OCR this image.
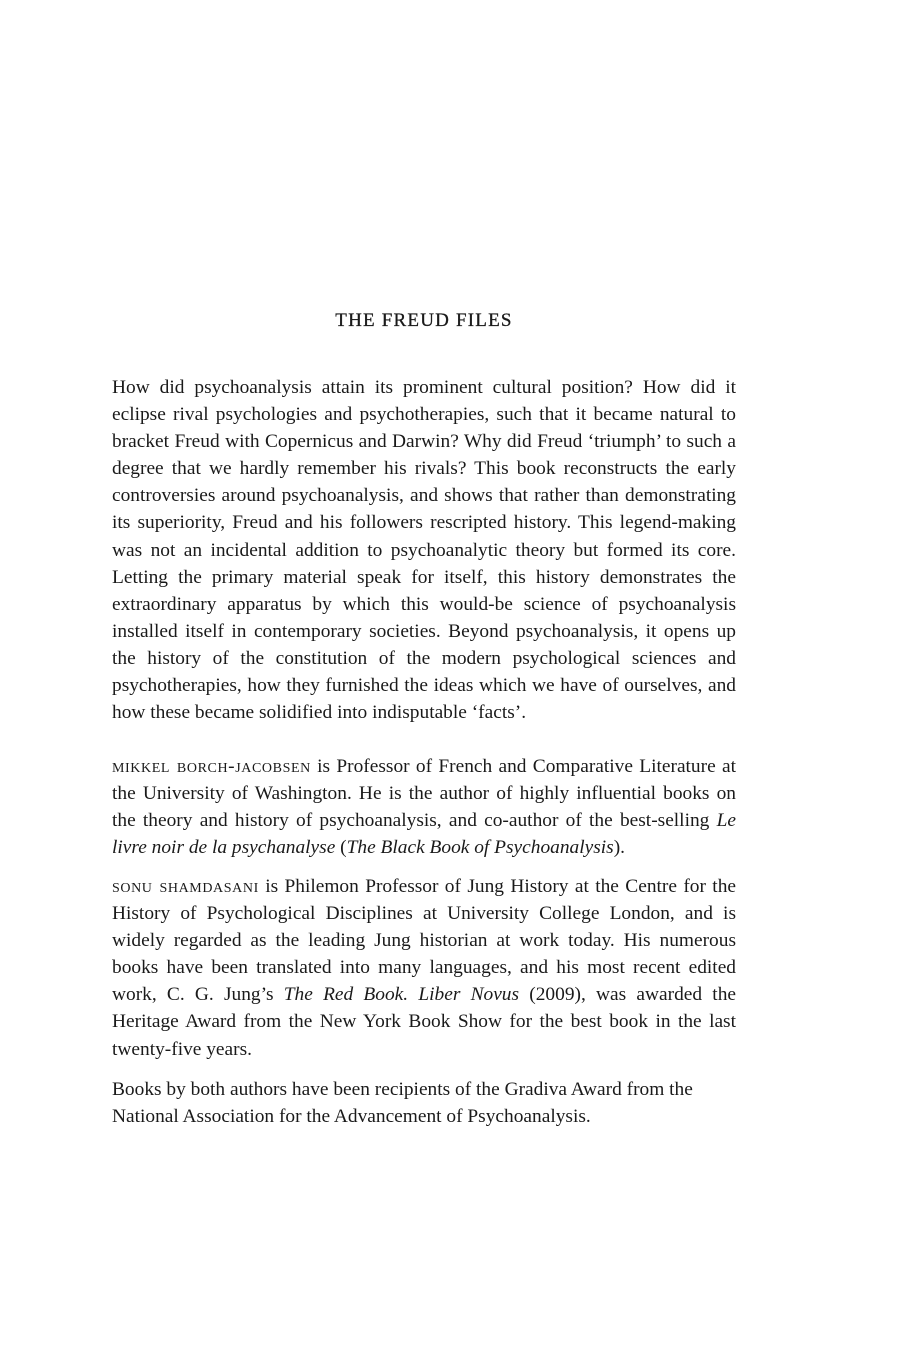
THE FREUD FILES

How did psychoanalysis attain its prominent cultural position? How did it eclipse rival psychologies and psychotherapies, such that it became natural to bracket Freud with Copernicus and Darwin? Why did Freud ‘triumph’ to such a degree that we hardly remember his rivals? This book reconstructs the early controversies around psychoanalysis, and shows that rather than demonstrating its superiority, Freud and his followers rescripted history. This legend-making was not an incidental addition to psychoanalytic theory but formed its core. Letting the primary material speak for itself, this history demonstrates the extraordinary apparatus by which this would-be science of psychoanalysis installed itself in contemporary societies. Beyond psychoanalysis, it opens up the history of the constitution of the modern psychological sciences and psychotherapies, how they furnished the ideas which we have of ourselves, and how these became solidified into indisputable ‘facts’.

mikkel borch-jacobsen is Professor of French and Comparative Literature at the University of Washington. He is the author of highly influential books on the theory and history of psychoanalysis, and co-author of the best-selling Le livre noir de la psychanalyse (The Black Book of Psychoanalysis).

sonu shamdasani is Philemon Professor of Jung History at the Centre for the History of Psychological Disciplines at University College London, and is widely regarded as the leading Jung historian at work today. His numerous books have been translated into many languages, and his most recent edited work, C. G. Jung’s The Red Book. Liber Novus (2009), was awarded the Heritage Award from the New York Book Show for the best book in the last twenty-five years.

Books by both authors have been recipients of the Gradiva Award from the National Association for the Advancement of Psychoanalysis.
